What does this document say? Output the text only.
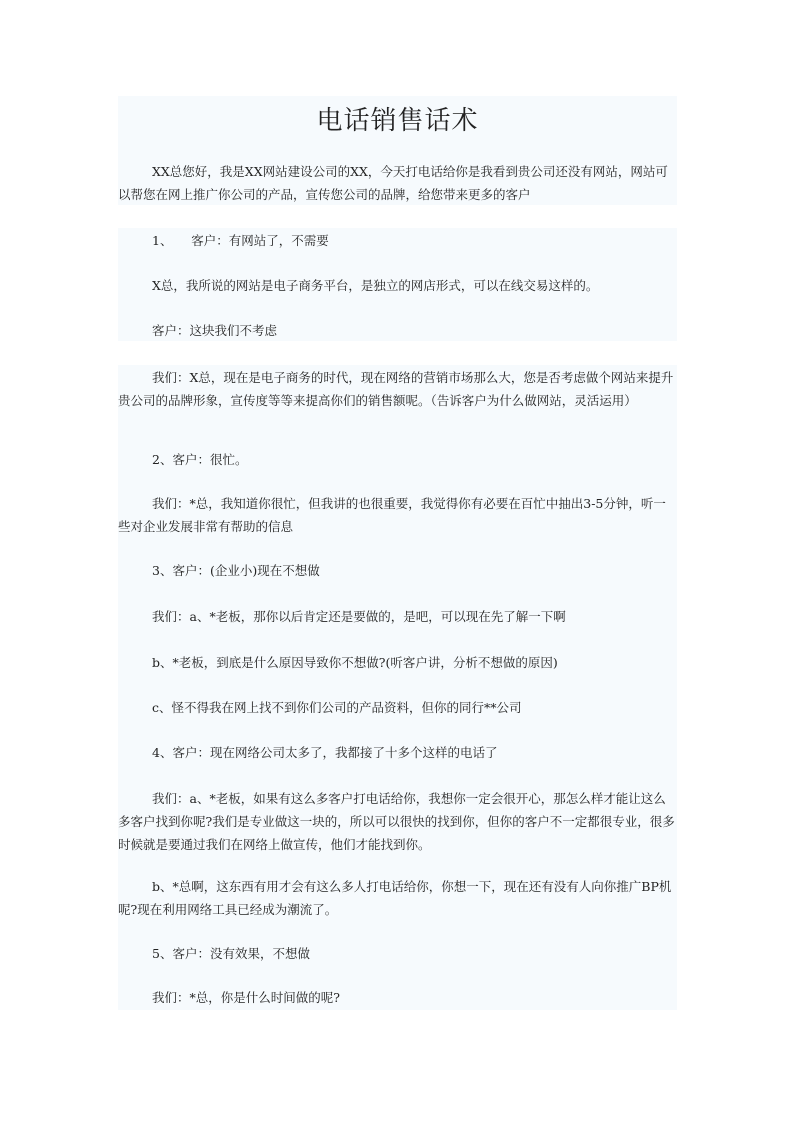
电话销售话术

XX总您好，我是XX网站建设公司的XX，今天打电话给你是我看到贵公司还没有网站，网站可以帮您在网上推广你公司的产品，宣传您公司的品牌，给您带来更多的客户

1、　　客户：有网站了，不需要
X总，我所说的网站是电子商务平台，是独立的网店形式，可以在线交易这样的。
客户：这块我们不考虑

我们：X总，现在是电子商务的时代，现在网络的营销市场那么大，您是否考虑做个网站来提升贵公司的品牌形象，宣传度等等来提高你们的销售额呢。（告诉客户为什么做网站，灵活运用）

2、客户：很忙。

我们：*总，我知道你很忙，但我讲的也很重要，我觉得你有必要在百忙中抽出3-5分钟，听一些对企业发展非常有帮助的信息

3、客户：(企业小)现在不想做
我们：a、*老板，那你以后肯定还是要做的，是吧，可以现在先了解一下啊
b、*老板，到底是什么原因导致你不想做?(听客户讲，分析不想做的原因)
c、怪不得我在网上找不到你们公司的产品资料，但你的同行**公司
4、客户：现在网络公司太多了，我都接了十多个这样的电话了

我们：a、*老板，如果有这么多客户打电话给你，我想你一定会很开心，那怎么样才能让这么多客户找到你呢?我们是专业做这一块的，所以可以很快的找到你，但你的客户不一定都很专业，很多时候就是要通过我们在网络上做宣传，他们才能找到你。

b、*总啊，这东西有用才会有这么多人打电话给你，你想一下，现在还有没有人向你推广BP机呢?现在利用网络工具已经成为潮流了。

5、客户：没有效果，不想做
我们：*总，你是什么时间做的呢?
